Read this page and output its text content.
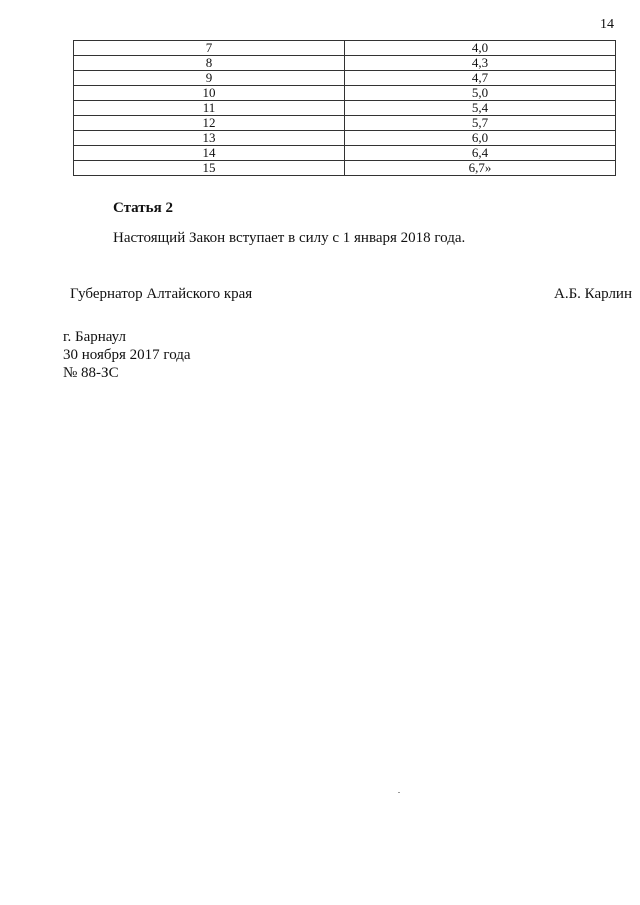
14
7	4,0
8	4,3
9	4,7
10	5,0
11	5,4
12	5,7
13	6,0
14	6,4
15	6,7»
Статья 2
Настоящий Закон вступает в силу с 1 января 2018 года.
Губернатор Алтайского края	А.Б. Карлин
г. Барнаул
30 ноября 2017 года
№ 88-ЗС
